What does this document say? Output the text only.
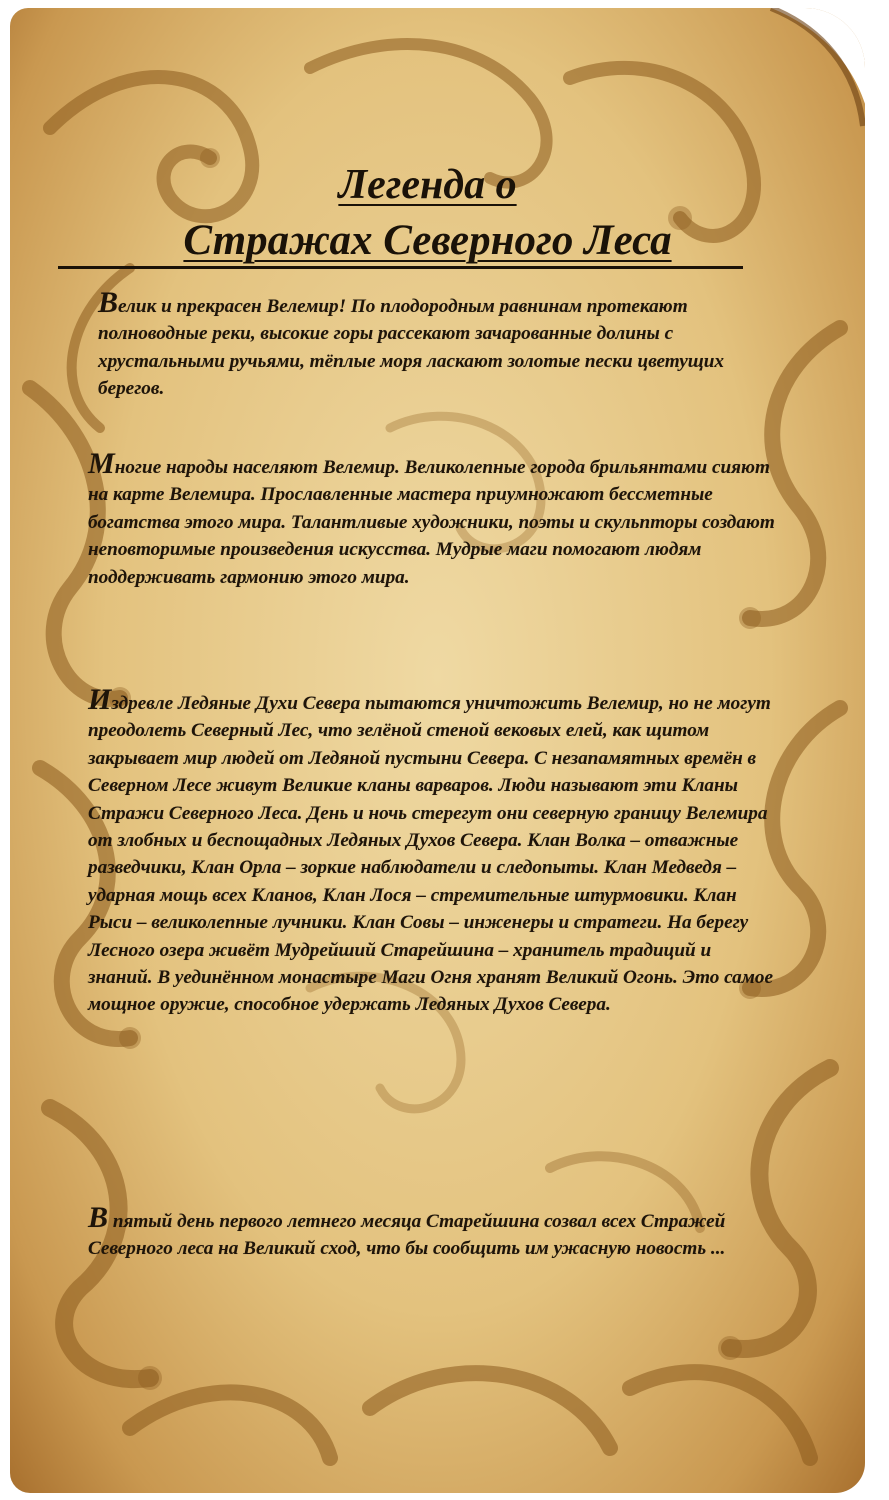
Легенда о
Стражах Северного Леса
Велик и прекрасен Велемир! По плодородным равнинам протекают полноводные реки, высокие горы рассекают зачарованные долины с хрустальными ручьями, тёплые моря ласкают золотые пески цветущих берегов.
Многие народы населяют Велемир. Великолепные города брильянтами сияют на карте Велемира. Прославленные мастера приумножают бессметные богатства этого мира. Талантливые художники, поэты и скульпторы создают неповторимые произведения искусства. Мудрые маги помогают людям поддерживать гармонию этого мира.
Издревле Ледяные Духи Севера пытаются уничтожить Велемир, но не могут преодолеть Северный Лес, что зелёной стеной вековых елей, как щитом закрывает мир людей от Ледяной пустыни Севера. С незапамятных времён в Северном Лесе живут Великие кланы варваров. Люди называют эти Кланы Стражи Северного Леса. День и ночь стерегут они северную границу Велемира от злобных и беспощадных Ледяных Духов Севера. Клан Волка – отважные разведчики, Клан Орла – зоркие наблюдатели и следопыты. Клан Медведя – ударная мощь всех Кланов, Клан Лося – стремительные штурмовики. Клан Рыси – великолепные лучники. Клан Совы – инженеры и стратеги. На берегу Лесного озера живёт Мудрейший Старейшина – хранитель традиций и знаний. В уединённом монастыре Маги Огня хранят Великий Огонь. Это самое мощное оружие, способное удержать Ледяных Духов Севера.
В пятый день первого летнего месяца Старейшина созвал всех Стражей Северного леса на Великий сход, что бы сообщить им ужасную новость ...
